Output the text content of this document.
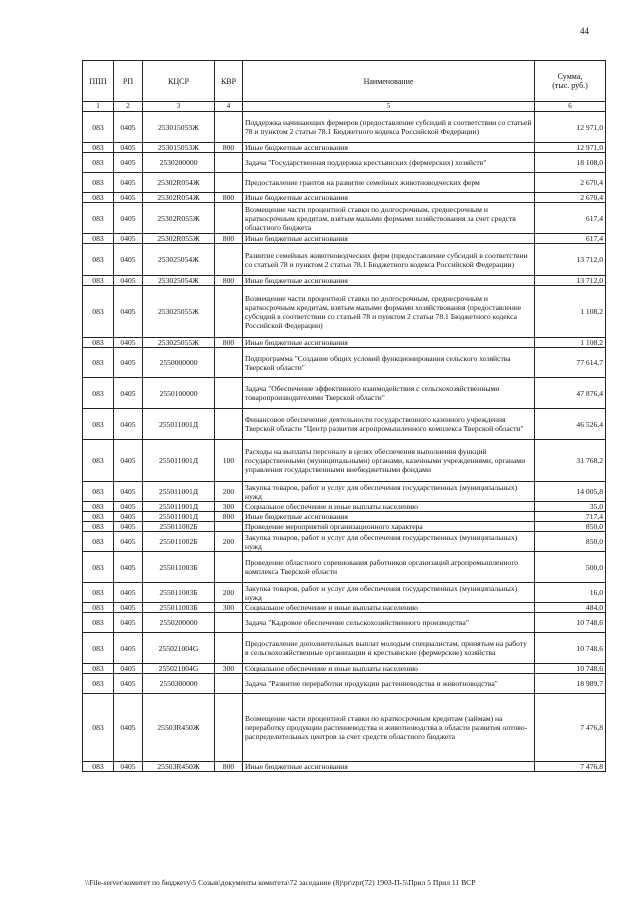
44
ППП	РП	КЦСР	КВР	Наименование	Сумма,
(тыс. руб.)
1	2	3	4	5	6
083	0405	253015053Ж		Поддержка начинающих фермеров (предоставление субсидий в соответствии со статьей 78 и пунктом 2 статьи 78.1 Бюджетного кодекса Российской Федерации)	12 971,0
083	0405	253015053Ж	800	Иные бюджетные ассигнования	12 971,0
083	0405	2530200000		Задача "Государственная поддержка крестьянских (фермерских) хозяйств"	18 108,0
083	0405	25302R054Ж		Предоставление грантов на развитие семейных животноводческих ферм	2 670,4
083	0405	25302R054Ж	800	Иные бюджетные ассигнования	2 670,4
083	0405	25302R055Ж		Возмещение части процентной ставки по долгосрочным, среднесрочным и краткосрочным кредитам, взятым малыми формами хозяйствования за счет средств областного бюджета	617,4
083	0405	25302R055Ж	800	Иные бюджетные ассигнования	617,4
083	0405	253025054Ж		Развитие семейных животноводческих ферм (предоставление субсидий в соответствии со статьей 78 и пунктом 2 статьи 78.1 Бюджетного кодекса Российской Федерации)	13 712,0
083	0405	253025054Ж	800	Иные бюджетные ассигнования	13 712,0
083	0405	253025055Ж		Возмещение части процентной ставки по долгосрочным, среднесрочным и краткосрочным кредитам, взятым малыми формами хозяйствования (предоставление субсидий в соответствии со статьей 78 и пунктом 2 статьи 78.1 Бюджетного кодекса Российской Федерации)	1 108,2
083	0405	253025055Ж	800	Иные бюджетные ассигнования	1 108,2
083	0405	2550000000		Подпрограмма "Создание общих условий функционирования сельского хозяйства Тверской области"	77 614,7
083	0405	2550100000		Задача "Обеспечение эффективного взаимодействия с сельскохозяйственными товаропроизводителями Тверской области"	47 876,4
083	0405	255011001Д		Финансовое обеспечение деятельности государственного казенного учреждения Тверской области "Центр развития агропромышленного комплекса Тверской области"	46 526,4
083	0405	255011001Д	100	Расходы на выплаты персоналу в целях обеспечения выполнения функций государственными (муниципальными) органами, казенными учреждениями, органами управления государственными внебюджетными фондами	31 768,2
083	0405	255011001Д	200	Закупка товаров, работ и услуг для обеспечения государственных (муниципальных) нужд	14 005,8
083	0405	255011001Д	300	Социальное обеспечение и иные выплаты населению	35,0
083	0405	255011001Д	800	Иные бюджетные ассигнования	717,4
083	0405	255011002Б		Проведение мероприятий организационного характера	850,0
083	0405	255011002Б	200	Закупка товаров, работ и услуг для обеспечения государственных (муниципальных) нужд	850,0
083	0405	255011003Б		Проведение областного соревнования работников организаций агропромышленного комплекса Тверской области	500,0
083	0405	255011003Б	200	Закупка товаров, работ и услуг для обеспечения государственных (муниципальных) нужд	16,0
083	0405	255011003Б	300	Социальное обеспечение и иные выплаты населению	484,0
083	0405	2550200000		Задача "Кадровое обеспечение сельскохозяйственного производства"	10 748,6
083	0405	255021004G		Предоставление дополнительных выплат молодым специалистам, принятым на работу в сельскохозяйственные организации и крестьянские (фермерские) хозяйства	10 748,6
083	0405	255021004G	300	Социальное обеспечение и иные выплаты населению	10 748,6
083	0405	2550300000		Задача "Развитие переработки продукции растениеводства и животноводства"	18 989,7
083	0405	25503R450Ж		Возмещение части процентной ставки по краткосрочным кредитам (займам) на переработку продукции растениеводства и животноводства в области развития оптово-распределительных центров за счет средств областного бюджета	7 476,8
083	0405	25503R450Ж	800	Иные бюджетные ассигнования	7 476,8
\\File-server\комитет по бюджету\5 Созыв\документы комитета\72 заседание (8)\pr\zpr(72) 1903-П-5\Прил 5 Прил 11 ВСР
